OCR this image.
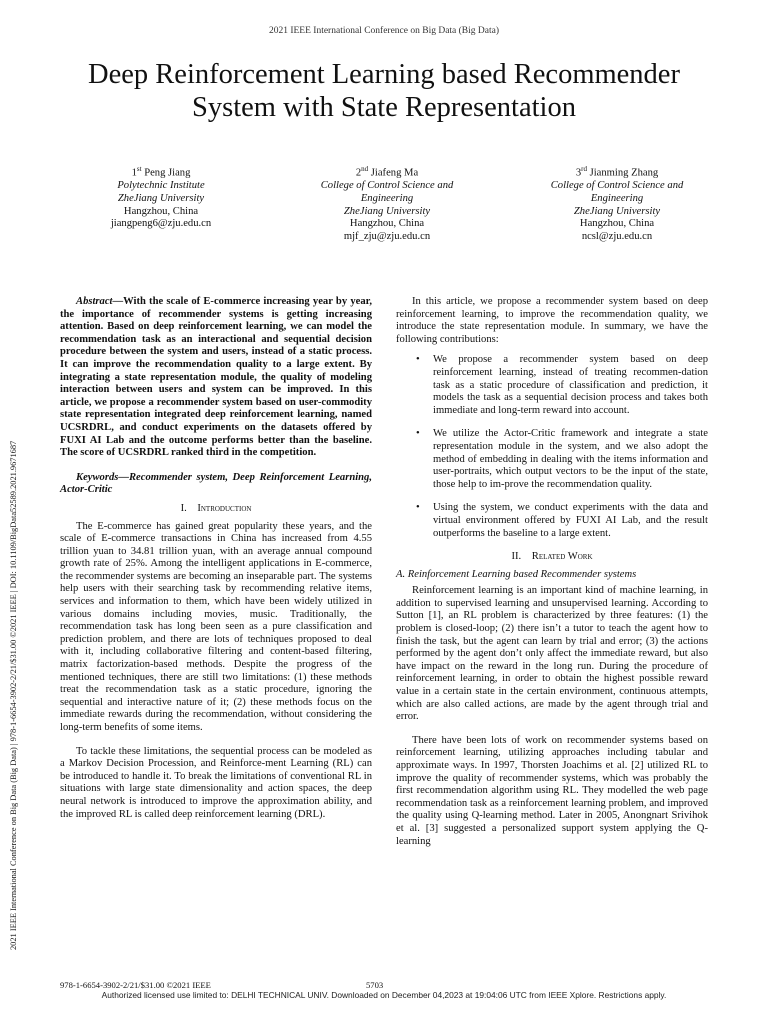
2021 IEEE International Conference on Big Data (Big Data)
Deep Reinforcement Learning based Recommender
System with State Representation
1st Peng Jiang
Polytechnic Institute
ZheJiang University
Hangzhou, China
jiangpeng6@zju.edu.cn
2nd Jiafeng Ma
College of Control Science and
Engineering
ZheJiang University
Hangzhou, China
mjf_zju@zju.edu.cn
3rd Jianming Zhang
College of Control Science and
Engineering
ZheJiang University
Hangzhou, China
ncsl@zju.edu.cn
2021 IEEE International Conference on Big Data (Big Data) | 978-1-6654-3902-2/21/$31.00 ©2021 IEEE | DOI: 10.1109/BigData52589.2021.9671687

Abstract—With the scale of E-commerce increasing year by year, the importance of recommender systems is getting increasing attention. Based on deep reinforcement learning, we can model the recommendation task as an interactional and sequential decision procedure between the system and users, instead of a static process. It can improve the recommendation quality to a large extent. By integrating a state representation module, the quality of modeling interaction between users and system can be improved. In this article, we propose a recommender system based on user-commodity state representation integrated deep reinforcement learning, named UCSRDRL, and conduct experiments on the datasets offered by FUXI AI Lab and the outcome performs better than the baseline. The score of UCSRDRL ranked third in the competition.

Keywords—Recommender system, Deep Reinforcement Learning, Actor-Critic

I. Introduction

The E-commerce has gained great popularity these years, and the scale of E-commerce transactions in China has increased from 4.55 trillion yuan to 34.81 trillion yuan, with an average annual compound growth rate of 25%. Among the intelligent applications in E-commerce, the recommender systems are becoming an inseparable part. The systems help users with their searching task by recommending relative items, services and information to them, which have been widely utilized in various domains including movies, music. Traditionally, the recommendation task has long been seen as a pure classification and prediction problem, and there are lots of techniques proposed to deal with it, including collaborative filtering and content-based filtering, matrix factorization-based methods. Despite the progress of the mentioned techniques, there are still two limitations: (1) these methods treat the recommendation task as a static procedure, ignoring the sequential and interactive nature of it; (2) these methods focus on the immediate rewards during the recommendation, without considering the long-term benefits of some items.

To tackle these limitations, the sequential process can be modeled as a Markov Decision Procession, and Reinforce-ment Learning (RL) can be introduced to handle it. To break the limitations of conventional RL in situations with large state dimensionality and action spaces, the deep neural network is introduced to improve the approximation ability, and the improved RL is called deep reinforcement learning (DRL).

In this article, we propose a recommender system based on deep reinforcement learning, to improve the recommendation quality, we introduce the state representation module. In summary, we have the following contributions:

• We propose a recommender system based on deep reinforcement learning, instead of treating recommen-dation task as a static procedure of classification and prediction, it models the task as a sequential decision process and takes both immediate and long-term reward into account.
• We utilize the Actor-Critic framework and integrate a state representation module in the system, and we also adopt the method of embedding in dealing with the items information and user-portraits, which output vectors to be the input of the state, those help to im-prove the recommendation quality.
• Using the system, we conduct experiments with the data and virtual environment offered by FUXI AI Lab, and the result outperforms the baseline to a large extent.

II. Related Work

A. Reinforcement Learning based Recommender systems

Reinforcement learning is an important kind of machine learning, in addition to supervised learning and unsupervised learning. According to Sutton [1], an RL problem is characterized by three features: (1) the problem is closed-loop; (2) there isn’t a tutor to teach the agent how to finish the task, but the agent can learn by trial and error; (3) the actions performed by the agent don’t only affect the immediate reward, but also have impact on the reward in the long run. During the procedure of reinforcement learning, in order to obtain the highest possible reward value in a certain state in the certain environment, continuous attempts, which are also called actions, are made by the agent through trial and error.

There have been lots of work on recommender systems based on reinforcement learning, utilizing approaches including tabular and approximate ways. In 1997, Thorsten Joachims et al. [2] utilized RL to improve the quality of recommender systems, which was probably the first recommendation algorithm using RL. They modelled the web page recommendation task as a reinforcement learning problem, and improved the quality using Q-learning method. Later in 2005, Anongnart Srivihok et al. [3] suggested a personalized support system applying the Q-learning

978-1-6654-3902-2/21/$31.00 ©2021 IEEE	5703
Authorized licensed use limited to: DELHI TECHNICAL UNIV. Downloaded on December 04,2023 at 19:04:06 UTC from IEEE Xplore. Restrictions apply.
